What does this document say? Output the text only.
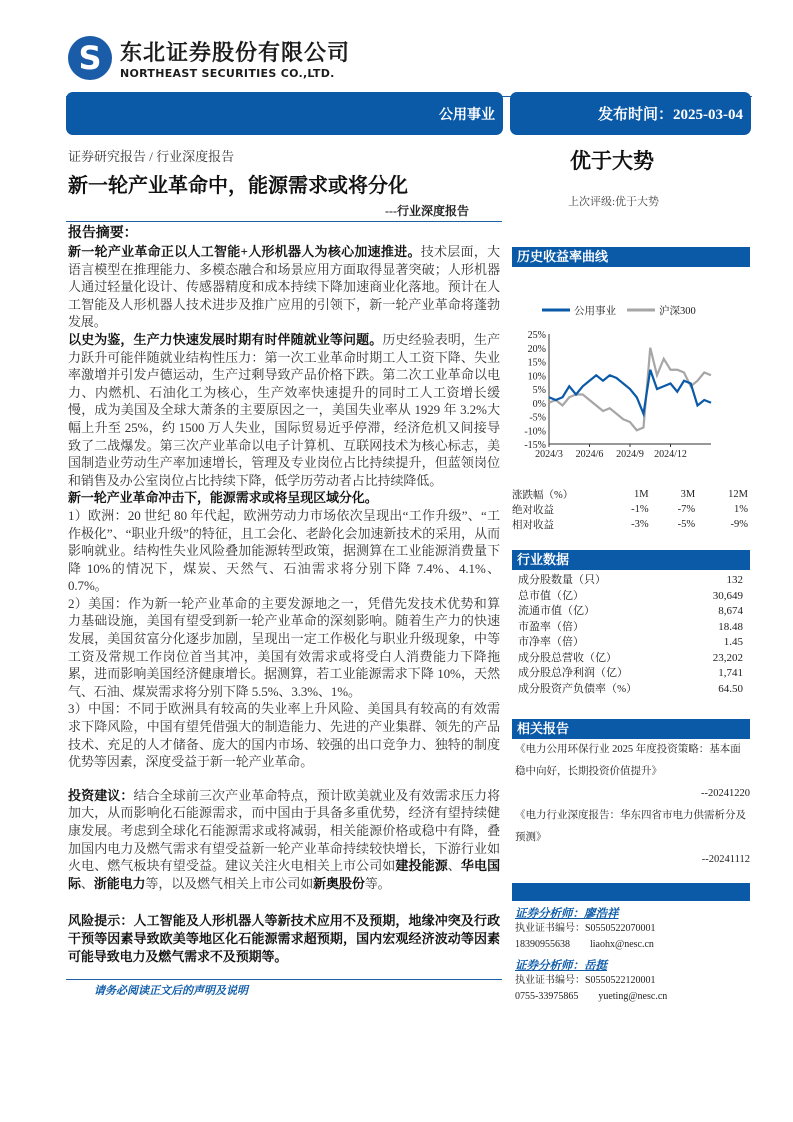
S
东北证券股份有限公司
NORTHEAST SECURITIES CO.,LTD.
公用事业	发布时间：2025-03-04
证券研究报告 / 行业深度报告
新一轮产业革命中，能源需求或将分化
---行业深度报告
优于大势
上次评级:优于大势
报告摘要：

新一轮产业革命正以人工智能+人形机器人为核心加速推进。技术层面，大语言模型在推理能力、多模态融合和场景应用方面取得显著突破；人形机器人通过轻量化设计、传感器精度和成本持续下降加速商业化落地。预计在人工智能及人形机器人技术进步及推广应用的引领下，新一轮产业革命将蓬勃发展。

以史为鉴，生产力快速发展时期有时伴随就业等问题。历史经验表明，生产力跃升可能伴随就业结构性压力：第一次工业革命时期工人工资下降、失业率激增并引发卢德运动，生产过剩导致产品价格下跌。第二次工业革命以电力、内燃机、石油化工为核心，生产效率快速提升的同时工人工资增长缓慢，成为美国及全球大萧条的主要原因之一，美国失业率从 1929 年 3.2%大幅上升至 25%，约 1500 万人失业，国际贸易近乎停滞，经济危机又间接导致了二战爆发。第三次产业革命以电子计算机、互联网技术为核心标志，美国制造业劳动生产率加速增长，管理及专业岗位占比持续提升，但蓝领岗位和销售及办公室岗位占比持续下降，低学历劳动者占比持续降低。

新一轮产业革命冲击下，能源需求或将呈现区域分化。

1）欧洲：20 世纪 80 年代起，欧洲劳动力市场依次呈现出“工作升级”、“工作极化”、“职业升级”的特征，且工会化、老龄化会加速新技术的采用，从而影响就业。结构性失业风险叠加能源转型政策，据测算在工业能源消费量下降 10%的情况下，煤炭、天然气、石油需求将分别下降 7.4%、4.1%、0.7%。

2）美国：作为新一轮产业革命的主要发源地之一，凭借先发技术优势和算力基础设施，美国有望受到新一轮产业革命的深刻影响。随着生产力的快速发展，美国贫富分化逐步加剧，呈现出一定工作极化与职业升级现象，中等工资及常规工作岗位首当其冲，美国有效需求或将受白人消费能力下降拖累，进而影响美国经济健康增长。据测算，若工业能源需求下降 10%，天然气、石油、煤炭需求将分别下降 5.5%、3.3%、1%。

3）中国：不同于欧洲具有较高的失业率上升风险、美国具有较高的有效需求下降风险，中国有望凭借强大的制造能力、先进的产业集群、领先的产品技术、充足的人才储备、庞大的国内市场、较强的出口竞争力、独特的制度优势等因素，深度受益于新一轮产业革命。

投资建议：结合全球前三次产业革命特点，预计欧美就业及有效需求压力将加大，从而影响化石能源需求，而中国由于具备多重优势，经济有望持续健康发展。考虑到全球化石能源需求或将减弱，相关能源价格或稳中有降，叠加国内电力及燃气需求有望受益新一轮产业革命持续较快增长，下游行业如火电、燃气板块有望受益。建议关注火电相关上市公司如建投能源、华电国际、浙能电力等，以及燃气相关上市公司如新奥股份等。

风险提示：人工智能及人形机器人等新技术应用不及预期，地缘冲突及行政干预等因素导致欧美等地区化石能源需求超预期，国内宏观经济波动等因素可能导致电力及燃气需求不及预期等。

请务必阅读正文后的声明及说明
历史收益率曲线
25%
20%
15%
10%
5%
0%
-5%
-10%
-15%
2024/3 2024/6 2024/9 2024/12
公用事业	沪深300
涨跌幅（%）	1M	3M	12M
绝对收益	-1%	-7%	1%
相对收益	-3%	-5%	-9%
行业数据
成分股数量（只）	132
总市值（亿）	30,649
流通市值（亿）	8,674
市盈率（倍）	18.48
市净率（倍）	1.45
成分股总营收（亿）	23,202
成分股总净利润（亿）	1,741
成分股资产负债率（%）	64.50
相关报告
《电力公用环保行业 2025 年度投资策略：基本面稳中向好，长期投资价值提升》
--20241220
《电力行业深度报告：华东四省市电力供需析分及预测》
--20241112
证券分析师：廖浩祥
执业证书编号：S0550522070001
18390955638 liaohx@nesc.cn
证券分析师：岳挺
执业证书编号：S0550522120001
0755-33975865 yueting@nesc.cn
